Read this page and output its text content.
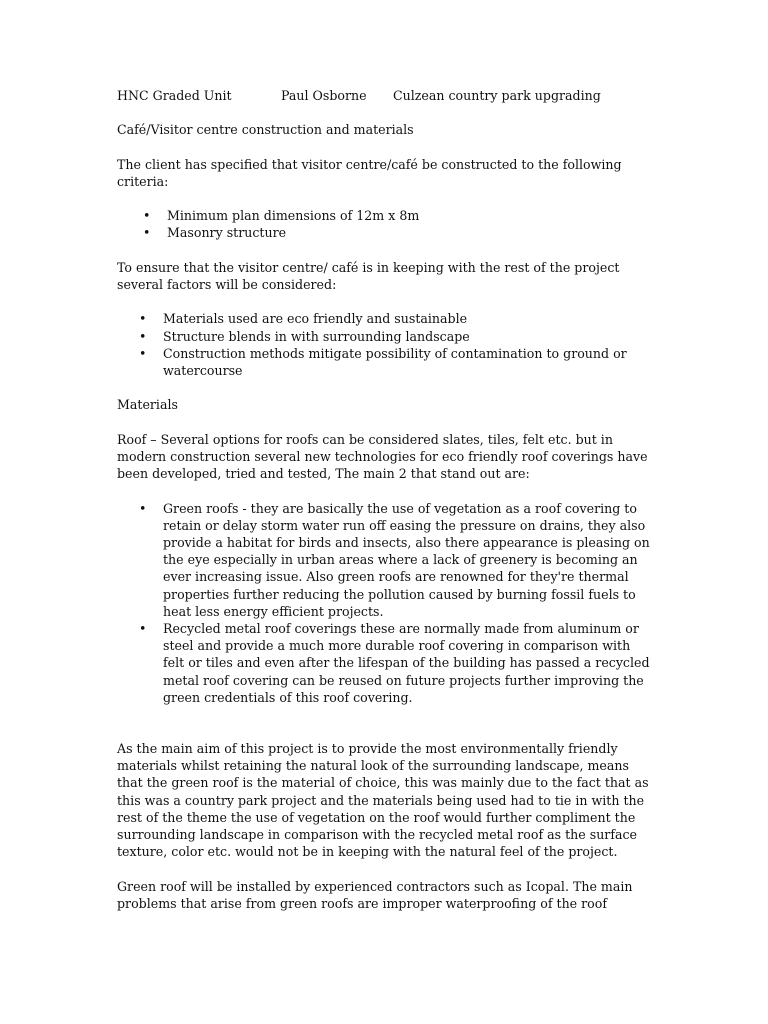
HNC Graded Unit	Paul Osborne Culzean country park upgrading

Café/Visitor centre construction and materials

The client has specified that visitor centre/café be constructed to the following criteria:

• Minimum plan dimensions of 12m x 8m
• Masonry structure

To ensure that the visitor centre/ café is in keeping with the rest of the project several factors will be considered:

• Materials used are eco friendly and sustainable
• Structure blends in with surrounding landscape
• Construction methods mitigate possibility of contamination to ground or watercourse

Materials

Roof – Several options for roofs can be considered slates, tiles, felt etc. but in modern construction several new technologies for eco friendly roof coverings have been developed, tried and tested, The main 2 that stand out are:

• Green roofs - they are basically the use of vegetation as a roof covering to retain or delay storm water run off easing the pressure on drains, they also provide a habitat for birds and insects, also there appearance is pleasing on the eye especially in urban areas where a lack of greenery is becoming an ever increasing issue. Also green roofs are renowned for they're thermal properties further reducing the pollution caused by burning fossil fuels to heat less energy efficient projects.
• Recycled metal roof coverings these are normally made from aluminum or steel and provide a much more durable roof covering in comparison with felt or tiles and even after the lifespan of the building has passed a recycled metal roof covering can be reused on future projects further improving the green credentials of this roof covering.

As the main aim of this project is to provide the most environmentally friendly materials whilst retaining the natural look of the surrounding landscape, means that the green roof is the material of choice, this was mainly due to the fact that as this was a country park project and the materials being used had to tie in with the rest of the theme the use of vegetation on the roof would further compliment the surrounding landscape in comparison with the recycled metal roof as the surface texture, color etc. would not be in keeping with the natural feel of the project.

Green roof will be installed by experienced contractors such as Icopal. The main problems that arise from green roofs are improper waterproofing of the roof
